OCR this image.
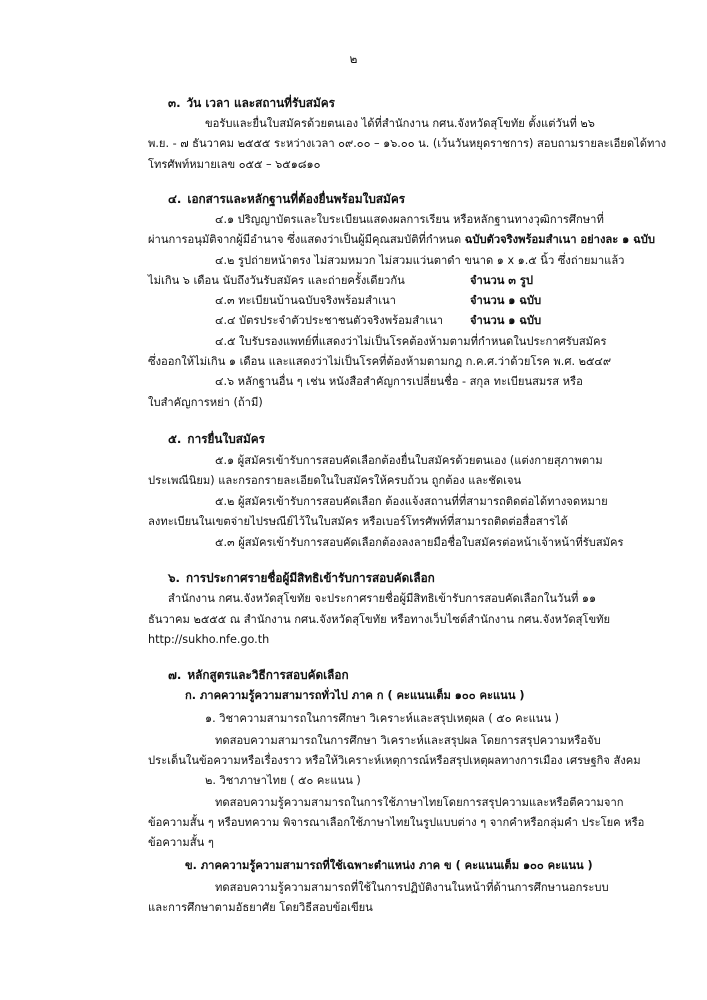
๒
๓. วัน เวลา และสถานที่รับสมัคร
ขอรับและยื่นใบสมัครด้วยตนเอง ได้ที่สำนักงาน กศน.จังหวัดสุโขทัย ตั้งแต่วันที่ ๒๖
พ.ย. - ๗ ธันวาคม ๒๕๕๕ ระหว่างเวลา ๐๙.๐๐ – ๑๖.๐๐ น. (เว้นวันหยุดราชการ) สอบถามรายละเอียดได้ทาง
โทรศัพท์หมายเลข ๐๕๕ – ๖๕๑๘๑๐
๔. เอกสารและหลักฐานที่ต้องยื่นพร้อมใบสมัคร
๔.๑ ปริญญาบัตรและใบระเบียนแสดงผลการเรียน หรือหลักฐานทางวุฒิการศึกษาที่
ผ่านการอนุมัติจากผู้มีอำนาจ ซึ่งแสดงว่าเป็นผู้มีคุณสมบัติที่กำหนด ฉบับตัวจริงพร้อมสำเนา อย่างละ ๑ ฉบับ
๔.๒ รูปถ่ายหน้าตรง ไม่สวมหมวก ไม่สวมแว่นตาดำ ขนาด ๑ x ๑.๕ นิ้ว ซึ่งถ่ายมาแล้ว
ไม่เกิน ๖ เดือน นับถึงวันรับสมัคร และถ่ายครั้งเดียวกัน	จำนวน ๓ รูป
๔.๓ ทะเบียนบ้านฉบับจริงพร้อมสำเนา	จำนวน ๑ ฉบับ
๔.๔ บัตรประจำตัวประชาชนตัวจริงพร้อมสำเนา จำนวน ๑ ฉบับ
๔.๕ ใบรับรองแพทย์ที่แสดงว่าไม่เป็นโรคต้องห้ามตามที่กำหนดในประกาศรับสมัคร
ซึ่งออกให้ไม่เกิน ๑ เดือน และแสดงว่าไม่เป็นโรคที่ต้องห้ามตามกฎ ก.ค.ศ.ว่าด้วยโรค พ.ศ. ๒๕๔๙
๔.๖ หลักฐานอื่น ๆ เช่น หนังสือสำคัญการเปลี่ยนชื่อ - สกุล ทะเบียนสมรส หรือ
ใบสำคัญการหย่า (ถ้ามี)
๕. การยื่นใบสมัคร
๕.๑ ผู้สมัครเข้ารับการสอบคัดเลือกต้องยื่นใบสมัครด้วยตนเอง (แต่งกายสุภาพตาม
ประเพณีนิยม) และกรอกรายละเอียดในใบสมัครให้ครบถ้วน ถูกต้อง และชัดเจน
๕.๒ ผู้สมัครเข้ารับการสอบคัดเลือก ต้องแจ้งสถานที่ที่สามารถติดต่อได้ทางจดหมาย
ลงทะเบียนในเขตจ่ายไปรษณีย์ไว้ในใบสมัคร หรือเบอร์โทรศัพท์ที่สามารถติดต่อสื่อสารได้
๕.๓ ผู้สมัครเข้ารับการสอบคัดเลือกต้องลงลายมือชื่อใบสมัครต่อหน้าเจ้าหน้าที่รับสมัคร
๖. การประกาศรายชื่อผู้มีสิทธิเข้ารับการสอบคัดเลือก
สำนักงาน กศน.จังหวัดสุโขทัย จะประกาศรายชื่อผู้มีสิทธิเข้ารับการสอบคัดเลือกในวันที่ ๑๑
ธันวาคม ๒๕๕๕ ณ สำนักงาน กศน.จังหวัดสุโขทัย หรือทางเว็บไซต์สำนักงาน กศน.จังหวัดสุโขทัย
http://sukho.nfe.go.th
๗. หลักสูตรและวิธีการสอบคัดเลือก
ก. ภาคความรู้ความสามารถทั่วไป ภาค ก ( คะแนนเต็ม ๑๐๐ คะแนน )
๑. วิชาความสามารถในการศึกษา วิเคราะห์และสรุปเหตุผล ( ๕๐ คะแนน )
ทดสอบความสามารถในการศึกษา วิเคราะห์และสรุปผล โดยการสรุปความหรือจับ
ประเด็นในข้อความหรือเรื่องราว หรือให้วิเคราะห์เหตุการณ์หรือสรุปเหตุผลทางการเมือง เศรษฐกิจ สังคม
๒. วิชาภาษาไทย ( ๕๐ คะแนน )
ทดสอบความรู้ความสามารถในการใช้ภาษาไทยโดยการสรุปความและหรือตีความจาก
ข้อความสั้น ๆ หรือบทความ พิจารณาเลือกใช้ภาษาไทยในรูปแบบต่าง ๆ จากคำหรือกลุ่มคำ ประโยค หรือ
ข้อความสั้น ๆ
ข. ภาคความรู้ความสามารถที่ใช้เฉพาะตำแหน่ง ภาค ข ( คะแนนเต็ม ๑๐๐ คะแนน )
ทดสอบความรู้ความสามารถที่ใช้ในการปฏิบัติงานในหน้าที่ด้านการศึกษานอกระบบ
และการศึกษาตามอัธยาศัย โดยวิธีสอบข้อเขียน
